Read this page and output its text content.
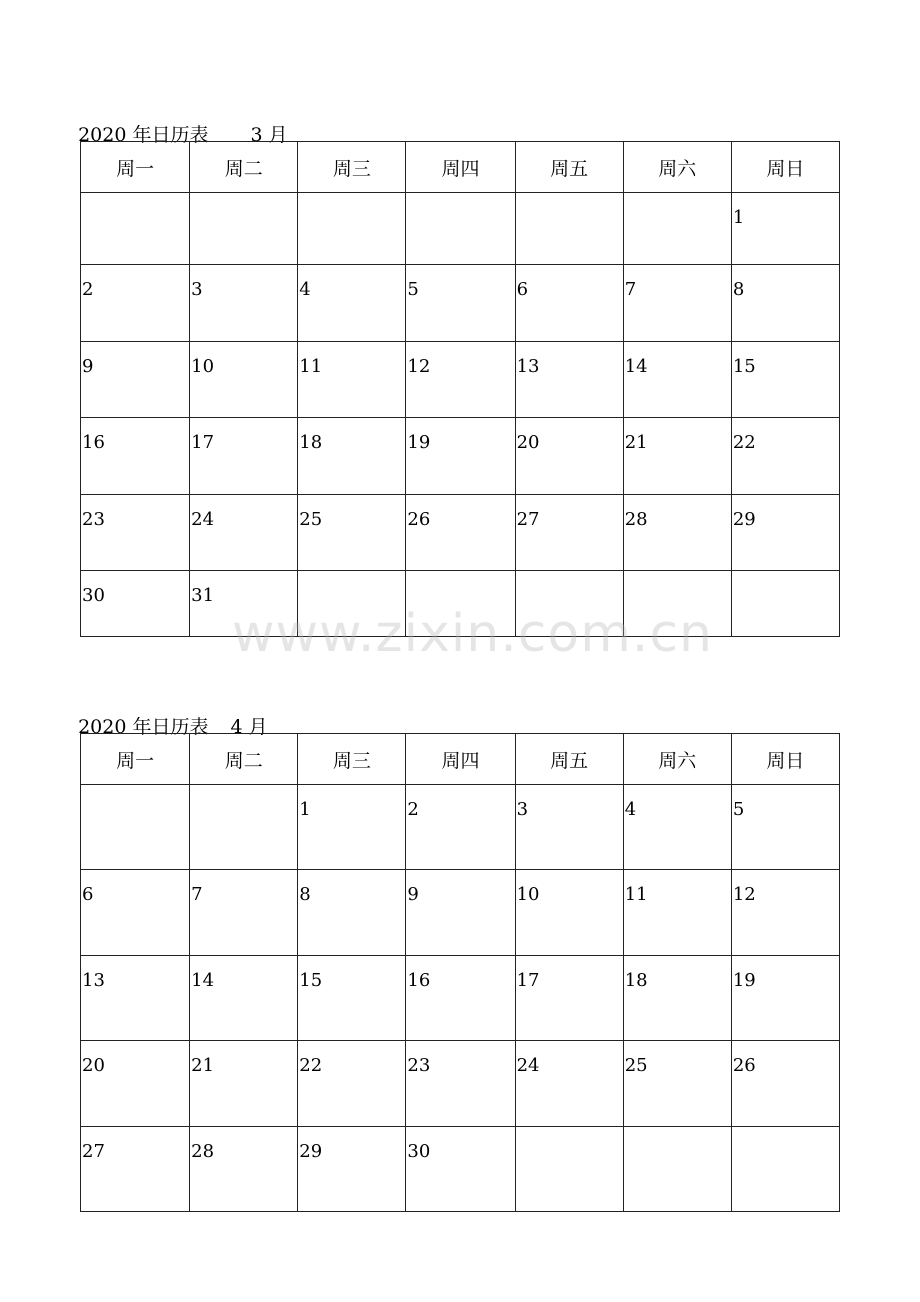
2020 年日历表 3 月

周一	周二	周三	周四	周五	周六	周日

						1

2	3	4	5	6	7	8

9	10	11	12	13	14	15

16	17	18	19	20	21	22

23	24	25	26	27	28	29

30	31					

2020 年日历表 4 月

周一	周二	周三	周四	周五	周六	周日

		1	2	3	4	5

6	7	8	9	10	11	12

13	14	15	16	17	18	19

20	21	22	23	24	25	26

27	28	29	30			

www.zixin.com.cn
